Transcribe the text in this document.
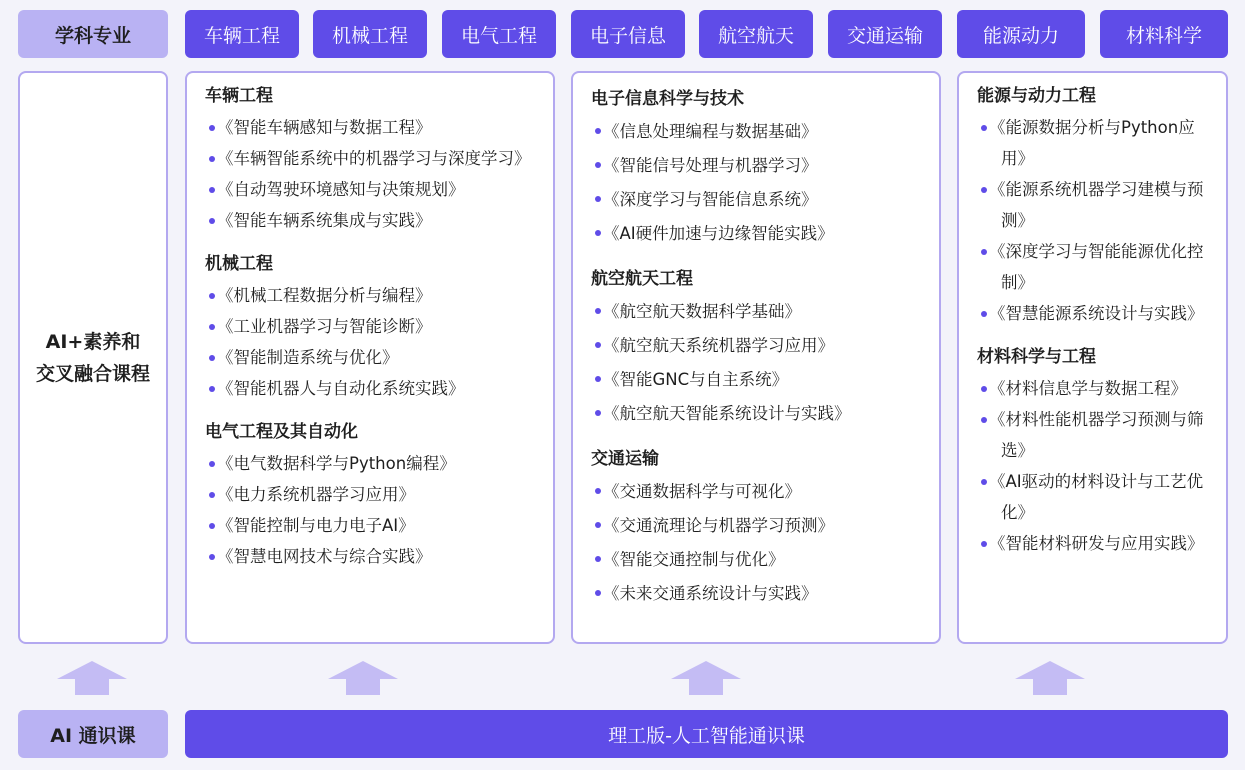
学科专业	车辆工程	机械工程	电气工程	电子信息	航空航天	交通运输	能源动力	材料科学
AI+素养和
交叉融合课程
车辆工程
《智能车辆感知与数据工程》
《车辆智能系统中的机器学习与深度学习》
《自动驾驶环境感知与决策规划》
《智能车辆系统集成与实践》
机械工程
《机械工程数据分析与编程》
《工业机器学习与智能诊断》
《智能制造系统与优化》
《智能机器人与自动化系统实践》
电气工程及其自动化
《电气数据科学与Python编程》
《电力系统机器学习应用》
《智能控制与电力电子AI》
《智慧电网技术与综合实践》
电子信息科学与技术
《信息处理编程与数据基础》
《智能信号处理与机器学习》
《深度学习与智能信息系统》
《AI硬件加速与边缘智能实践》
航空航天工程
《航空航天数据科学基础》
《航空航天系统机器学习应用》
《智能GNC与自主系统》
《航空航天智能系统设计与实践》
交通运输
《交通数据科学与可视化》
《交通流理论与机器学习预测》
《智能交通控制与优化》
《未来交通系统设计与实践》
能源与动力工程
《能源数据分析与Python应用》
《能源系统机器学习建模与预测》
《深度学习与智能能源优化控制》
《智慧能源系统设计与实践》
材料科学与工程
《材料信息学与数据工程》
《材料性能机器学习预测与筛选》
《AI驱动的材料设计与工艺优化》
《智能材料研发与应用实践》
AI 通识课	理工版-人工智能通识课
